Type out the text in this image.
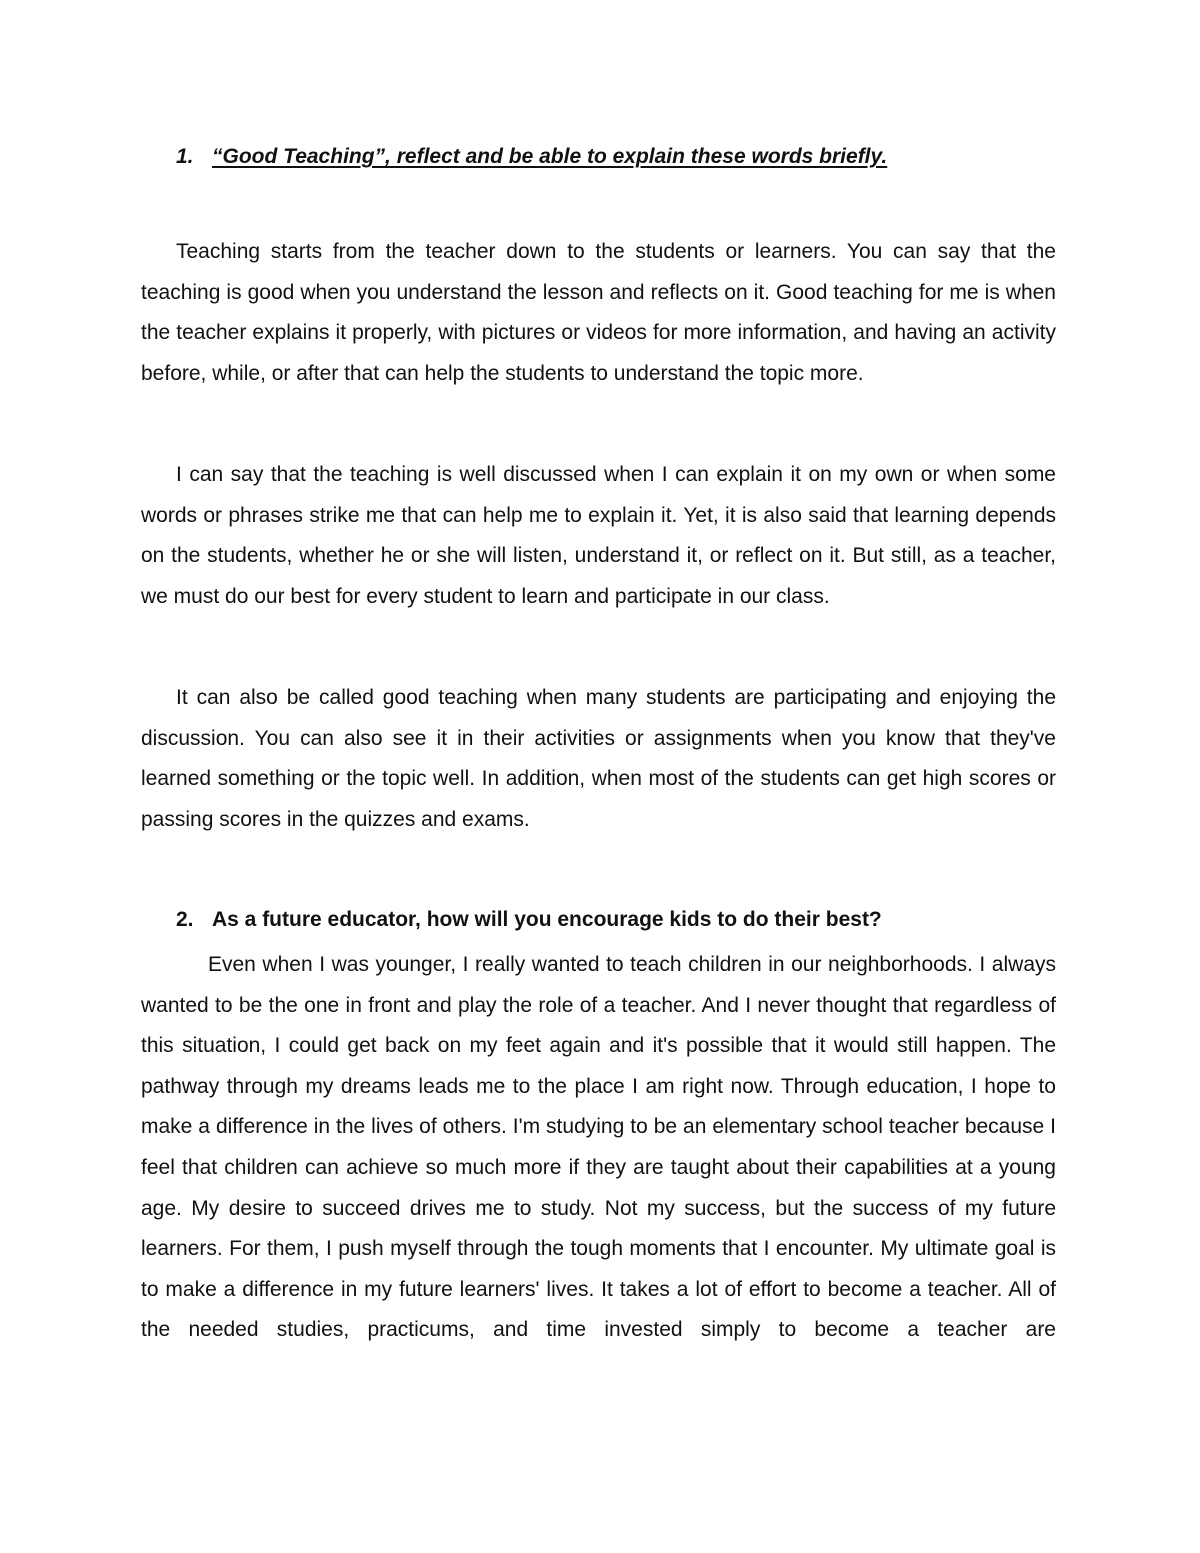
1. “Good Teaching”, reflect and be able to explain these words briefly.

Teaching starts from the teacher down to the students or learners. You can say that the teaching is good when you understand the lesson and reflects on it. Good teaching for me is when the teacher explains it properly, with pictures or videos for more information, and having an activity before, while, or after that can help the students to understand the topic more.

I can say that the teaching is well discussed when I can explain it on my own or when some words or phrases strike me that can help me to explain it. Yet, it is also said that learning depends on the students, whether he or she will listen, understand it, or reflect on it. But still, as a teacher, we must do our best for every student to learn and participate in our class.

It can also be called good teaching when many students are participating and enjoying the discussion. You can also see it in their activities or assignments when you know that they've learned something or the topic well. In addition, when most of the students can get high scores or passing scores in the quizzes and exams.

2. As a future educator, how will you encourage kids to do their best?

Even when I was younger, I really wanted to teach children in our neighborhoods. I always wanted to be the one in front and play the role of a teacher. And I never thought that regardless of this situation, I could get back on my feet again and it's possible that it would still happen. The pathway through my dreams leads me to the place I am right now. Through education, I hope to make a difference in the lives of others. I'm studying to be an elementary school teacher because I feel that children can achieve so much more if they are taught about their capabilities at a young age. My desire to succeed drives me to study. Not my success, but the success of my future learners. For them, I push myself through the tough moments that I encounter. My ultimate goal is to make a difference in my future learners' lives. It takes a lot of effort to become a teacher. All of the needed studies, practicums, and time invested simply to become a teacher are
